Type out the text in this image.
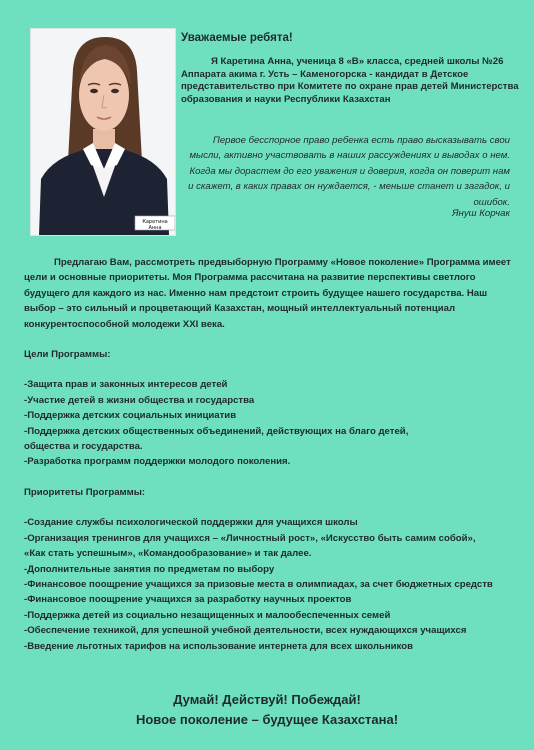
Каретина
Анна

Уважаемые ребята!

Я Каретина Анна, ученица 8 «В» класса, средней школы №26 Аппарата акима г. Усть – Каменогорска - кандидат в Детское представительство при Комитете по охране прав детей Министерства образования и науки Республики Казахстан

Первое бесспорное право ребенка есть право высказывать свои мысли, активно участвовать в наших рассуждениях и выводах о нем. Когда мы дорастем до его уважения и доверия, когда он поверит нам и скажет, в каких правах он нуждается, - меньше станет и загадок, и ошибок.

Януш Корчак

Предлагаю Вам, рассмотреть предвыборную Программу «Новое поколение» Программа имеет цели и основные приоритеты. Моя Программа рассчитана на развитие перспективы светлого будущего для каждого из нас. Именно нам предстоит строить будущее нашего государства. Наш выбор – это сильный и процветающий Казахстан, мощный интеллектуальный потенциал конкурентоспособной молодежи XXI века.

Цели Программы:

-Защита прав и законных интересов детей
-Участие детей в жизни общества и государства
-Поддержка детских социальных инициатив
-Поддержка детских общественных объединений, действующих на благо детей,
общества и государства.
-Разработка программ поддержки молодого поколения.

Приоритеты Программы:

-Создание службы психологической поддержки для учащихся школы
-Организация тренингов для учащихся – «Личностный рост», «Искусство быть самим собой»,
«Как стать успешным», «Командообразование» и так далее.
-Дополнительные занятия по предметам по выбору
-Финансовое поощрение учащихся за призовые места в олимпиадах, за счет бюджетных средств
-Финансовое поощрение учащихся за разработку научных проектов
-Поддержка детей из социально незащищенных и малообеспеченных семей
-Обеспечение техникой, для успешной учебной деятельности, всех нуждающихся учащихся
-Введение льготных тарифов на использование интернета для всех школьников
Думай! Действуй! Побеждай!
Новое поколение – будущее Казахстана!
